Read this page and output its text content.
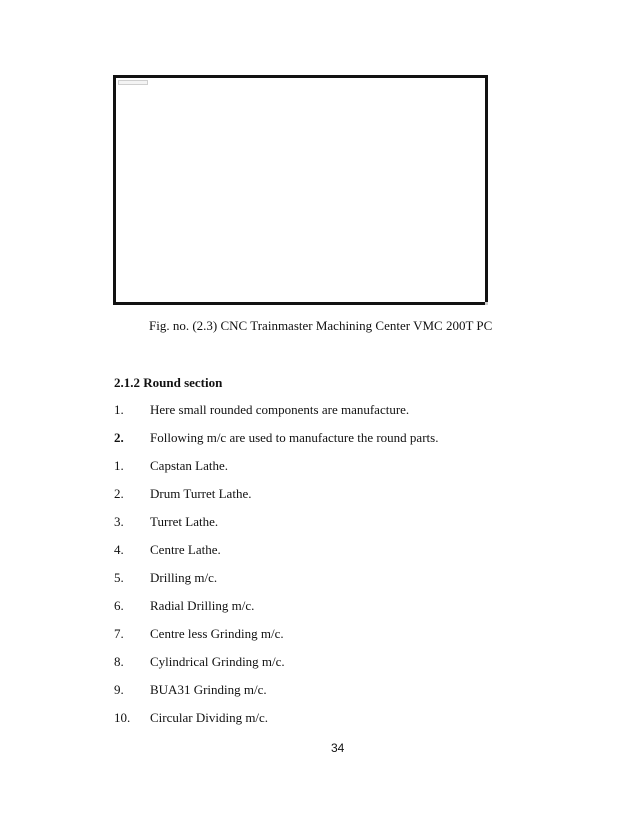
Fig. no. (2.3) CNC Trainmaster Machining Center VMC 200T PC
2.1.2 Round section
1. Here small rounded components are manufacture.
2. Following m/c are used to manufacture the round parts.
1. Capstan Lathe.
2. Drum Turret Lathe.
3. Turret Lathe.
4. Centre Lathe.
5. Drilling m/c.
6. Radial Drilling m/c.
7. Centre less Grinding m/c.
8. Cylindrical Grinding m/c.
9. BUA31 Grinding m/c.
10. Circular Dividing m/c.
34
